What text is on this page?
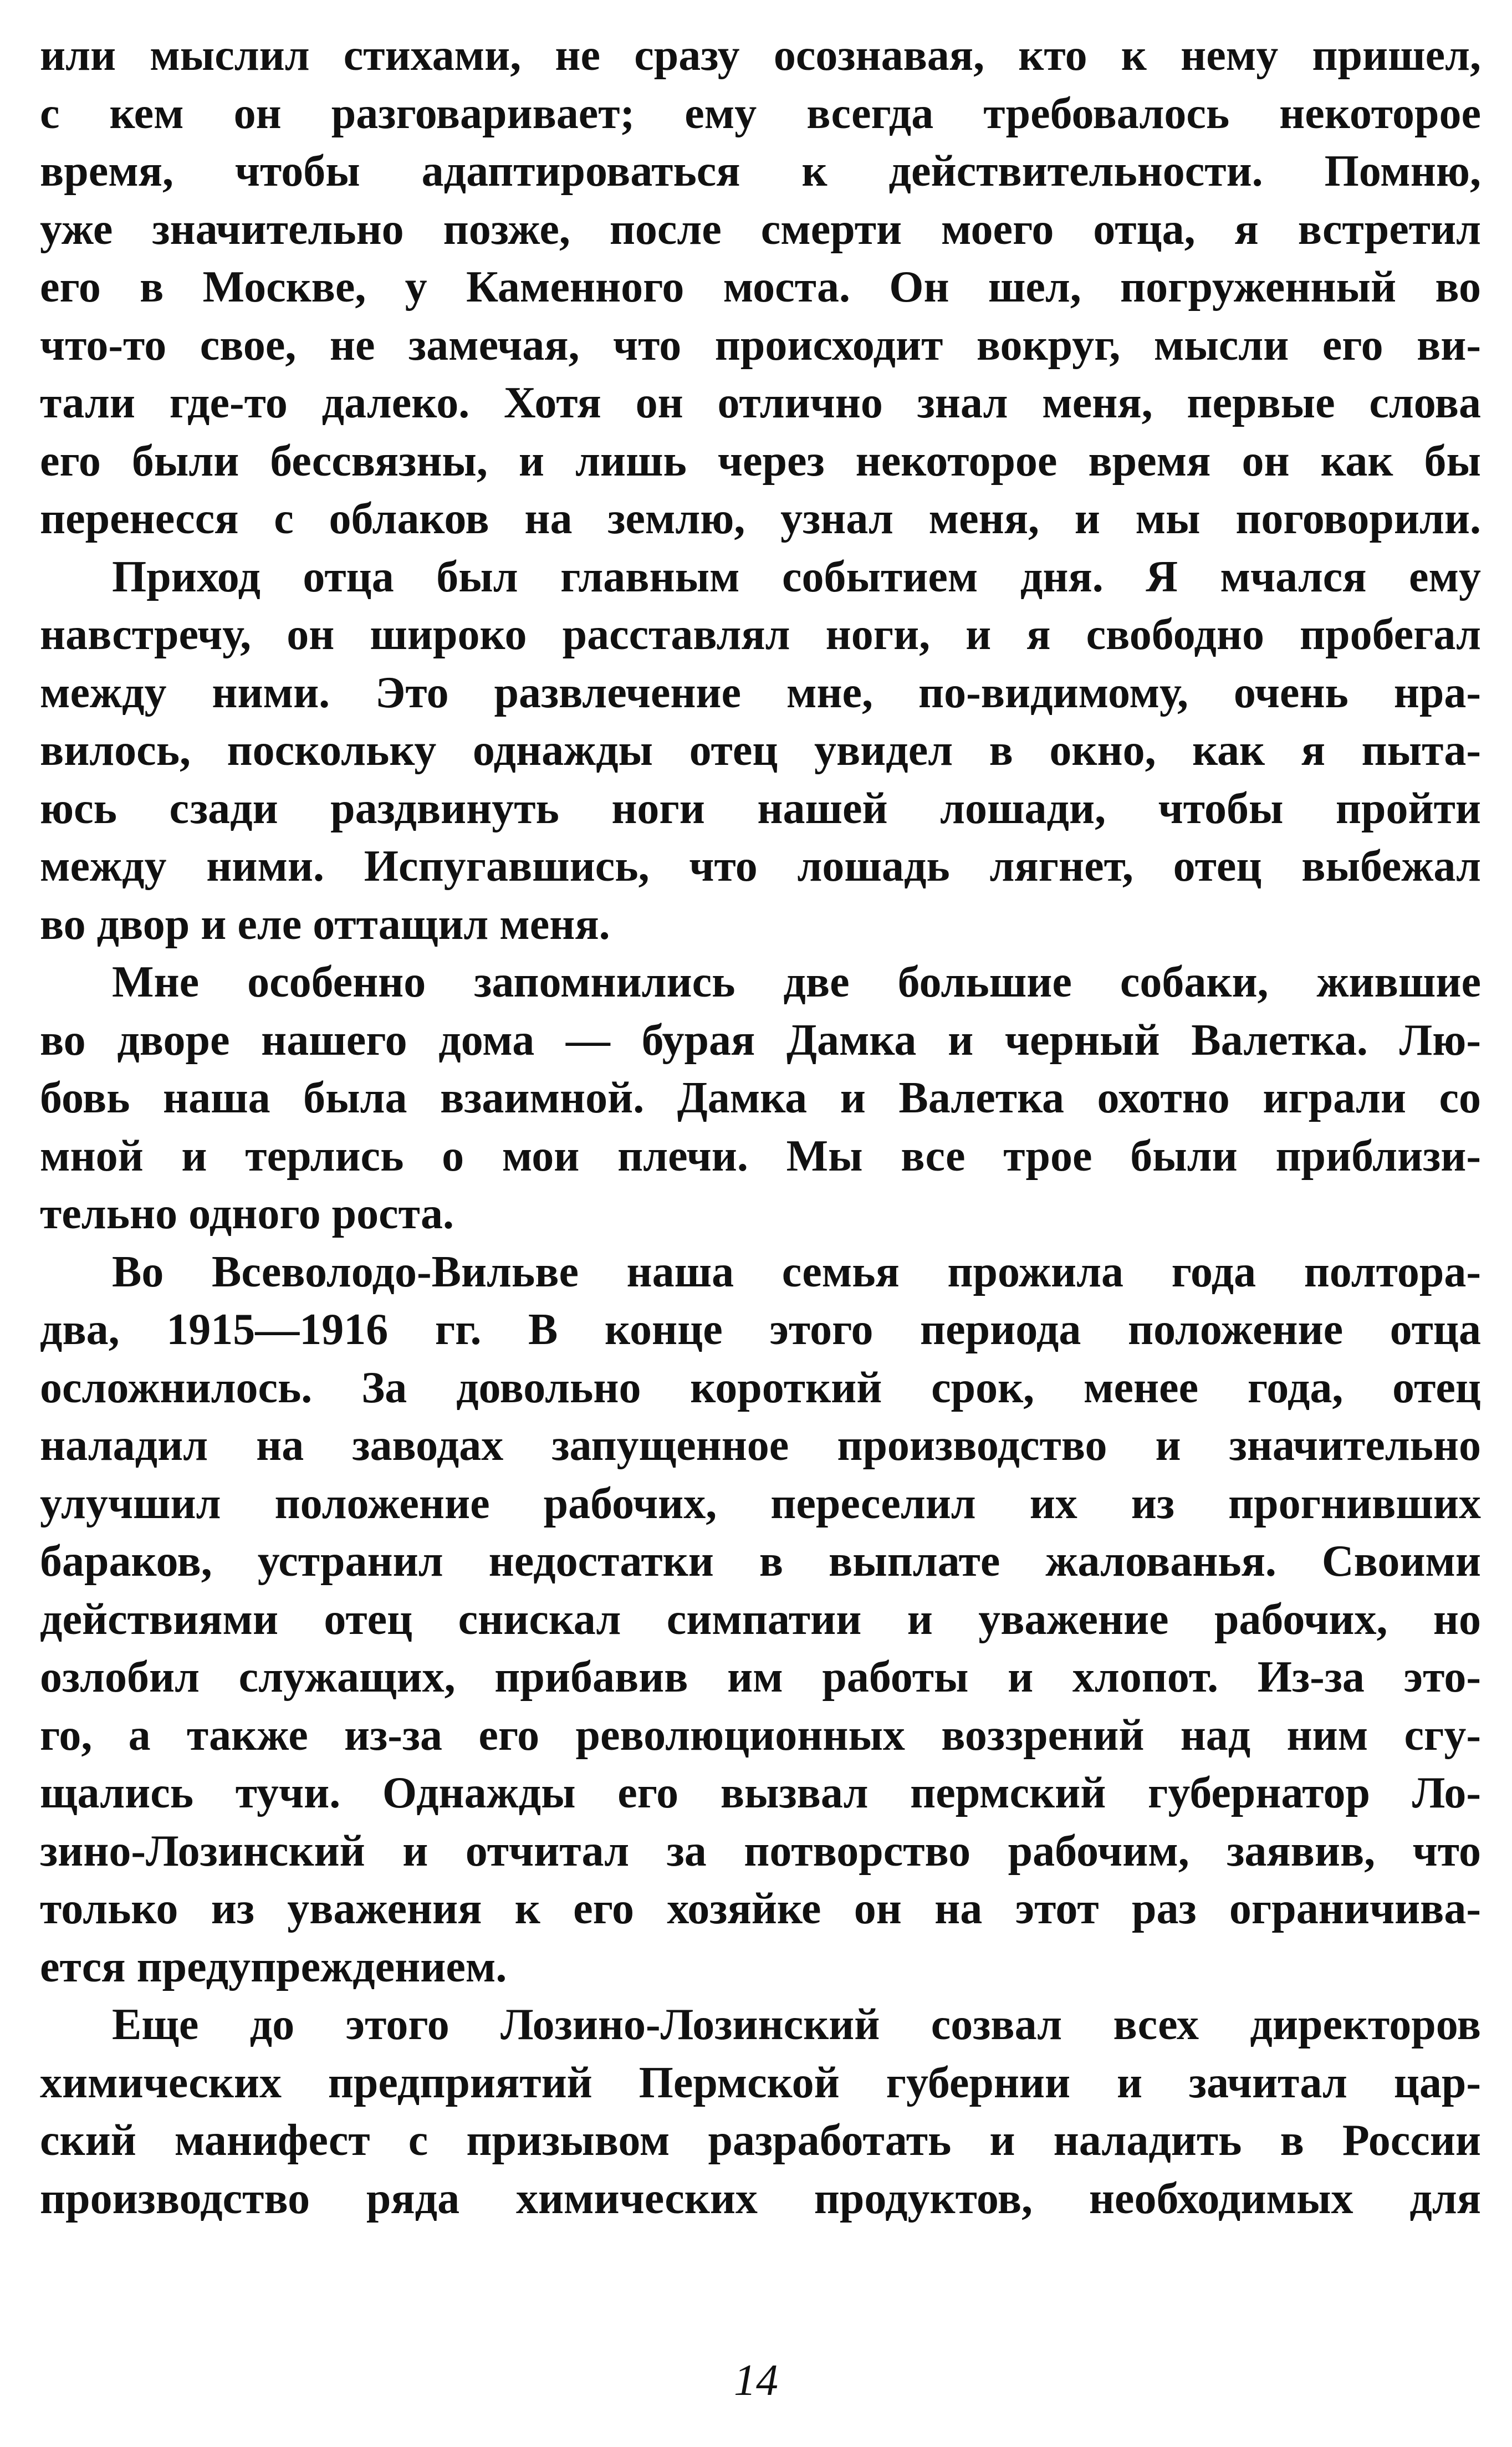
или мыслил стихами, не сразу осознавая, кто к нему пришел,
с кем он разговаривает; ему всегда требовалось некоторое
время, чтобы адаптироваться к действительности. Помню,
уже значительно позже, после смерти моего отца, я встретил
его в Москве, у Каменного моста. Он шел, погруженный во
что-то свое, не замечая, что происходит вокруг, мысли его ви-
тали где-то далеко. Хотя он отлично знал меня, первые слова
его были бессвязны, и лишь через некоторое время он как бы
перенесся с облаков на землю, узнал меня, и мы поговорили.
Приход отца был главным событием дня. Я мчался ему
навстречу, он широко расставлял ноги, и я свободно пробегал
между ними. Это развлечение мне, по-видимому, очень нра-
вилось, поскольку однажды отец увидел в окно, как я пыта-
юсь сзади раздвинуть ноги нашей лошади, чтобы пройти
между ними. Испугавшись, что лошадь лягнет, отец выбежал
во двор и еле оттащил меня.
Мне особенно запомнились две большие собаки, жившие
во дворе нашего дома — бурая Дамка и черный Валетка. Лю-
бовь наша была взаимной. Дамка и Валетка охотно играли со
мной и терлись о мои плечи. Мы все трое были приблизи-
тельно одного роста.
Во Всеволодо-Вильве наша семья прожила года полтора-
два, 1915—1916 гг. В конце этого периода положение отца
осложнилось. За довольно короткий срок, менее года, отец
наладил на заводах запущенное производство и значительно
улучшил положение рабочих, переселил их из прогнивших
бараков, устранил недостатки в выплате жалованья. Своими
действиями отец снискал симпатии и уважение рабочих, но
озлобил служащих, прибавив им работы и хлопот. Из-за это-
го, а также из-за его революционных воззрений над ним сгу-
щались тучи. Однажды его вызвал пермский губернатор Ло-
зино-Лозинский и отчитал за потворство рабочим, заявив, что
только из уважения к его хозяйке он на этот раз ограничива-
ется предупреждением.
Еще до этого Лозино-Лозинский созвал всех директоров
химических предприятий Пермской губернии и зачитал цар-
ский манифест с призывом разработать и наладить в России
производство ряда химических продуктов, необходимых для
14
